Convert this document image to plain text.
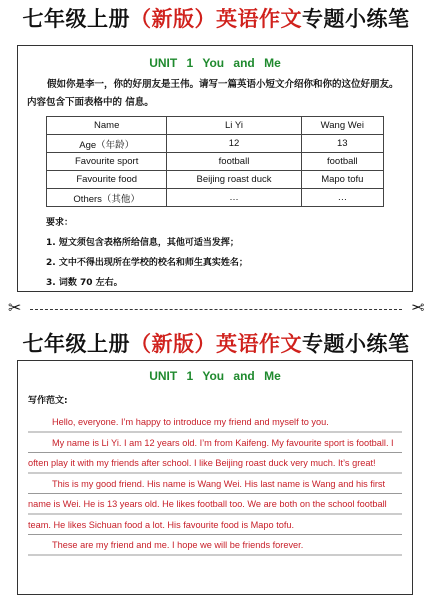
七年级上册（新版）英语作文专题小练笔
UNIT 1 You and Me

假如你是李一，你的好朋友是王伟。请写一篇英语小短文介绍你和你的这位好朋友。内容包含下面表格中的 信息。

Name	Li Yi	Wang Wei
Age（年龄）	12	13
Favourite sport	football	football
Favourite food	Beijing roast duck	Mapo tofu
Others（其他）	…	…
要求：
1. 短文须包含表格所给信息，其他可适当发挥；
2. 文中不得出现所在学校的校名和师生真实姓名；
3. 词数 70 左右。
✂	✂
七年级上册（新版）英语作文专题小练笔
UNIT 1 You and Me
写作范文:

Hello, everyone. I’m happy to introduce my friend and myself to you.

My name is Li Yi. I am 12 years old. I’m from Kaifeng. My favourite sport is football. I often play it with my friends after school. I like Beijing roast duck very much. It’s great!

This is my good friend. His name is Wang Wei. His last name is Wang and his first name is Wei. He is 13 years old. He likes football too. We are both on the school football team. He likes Sichuan food a lot. His favourite food is Mapo tofu.

These are my friend and me. I hope we will be friends forever.
